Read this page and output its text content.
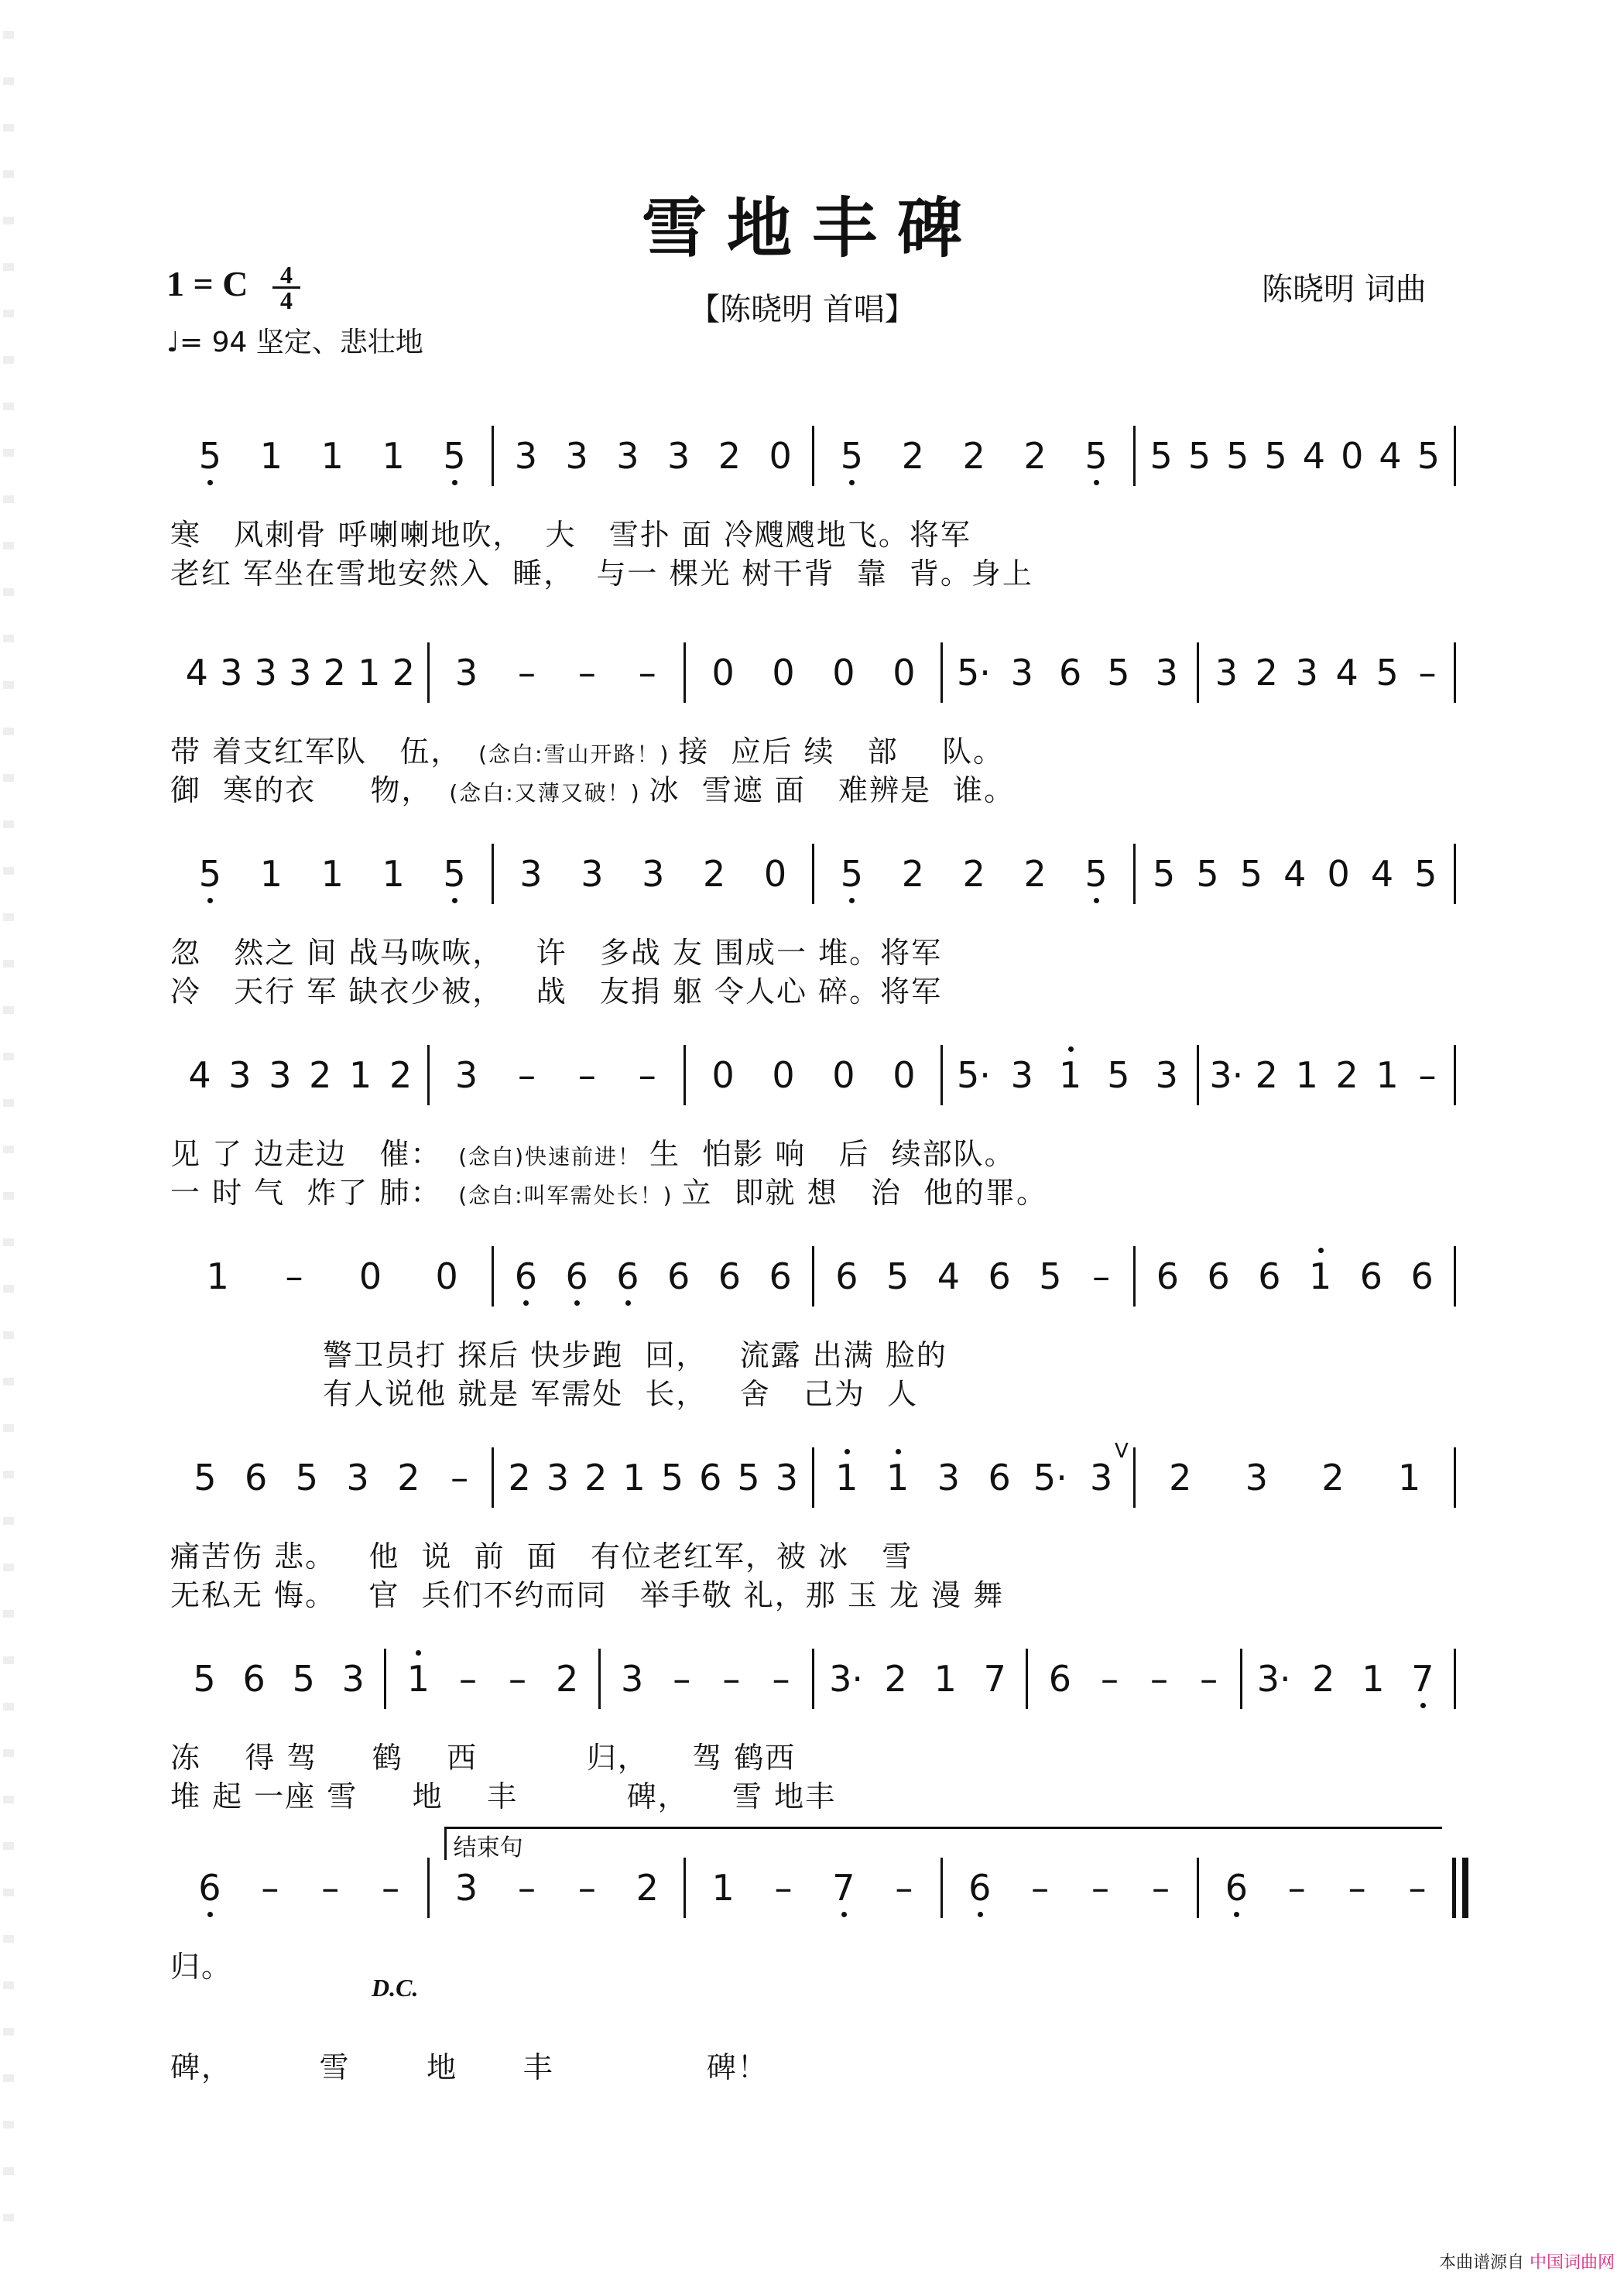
雪地丰碑
1 = C	4
4
♩= 94 坚定、悲壮地
【陈晓明 首唱】
陈晓明 词曲
5 1 1 1 5 3 3 3 3 2 0 5 2 2 2 5 5 5 5 5 4 0 4 5
寒   风刺骨 呼喇喇地吹，  大   雪扑 面 冷飕飕地飞。将军
老红 军坐在雪地安然入  睡，  与一 棵光 树干背  靠  背。身上
4 3 3 3 2 1 2 3 – – – 0 0 0 0 5· 3 6 5 3 3 2 3 4 5 –
带 着支红军队   伍，  (念白:雪山开路！) 接  应后 续   部    队。
御  寒的衣     物，  (念白:又薄又破！) 冰  雪遮 面   难辨是  谁。
5 1 1 1 5 3 3 3 2 0 5 2 2 2 5 5 5 5 4 0 4 5
忽   然之 间 战马咴咴，   许   多战 友 围成一 堆。将军
冷   天行 军 缺衣少被，   战   友捐 躯 令人心 碎。将军
4 3 3 2 1 2 3 – – – 0 0 0 0 5· 3 1 5 3 3· 2 1 2 1 –
见 了 边走边   催：  (念白)快速前进！ 生  怕影 响   后  续部队。
一 时 气  炸了 肺：  (念白:叫军需处长！) 立  即就 想   治  他的罪。
1 – 0 0 6 6 6 6 6 6 6 5 4 6 5 – 6 6 6 1 6 6
警卫员打 探后 快步跑  回，   流露 出满 脸的
有人说他 就是 军需处  长，   舍   己为  人
5 6 5 3 2 – 2 3 2 1 5 6 5 3 1 1 3 6 5· 3 2 3 2 1
痛苦伤 悲。   他  说  前  面   有位老红军，被 冰   雪
无私无 悔。   官  兵们不约而同   举手敬 礼，那 玉 龙 漫 舞
V
5 6 5 3 1 – – 2 3 – – – 3· 2 1 7 6 – – – 3· 2 1 7
冻    得 驾     鹤    西          归，    驾 鹤西
堆 起 一座 雪     地    丰          碑，    雪 地丰
6 – – – 3 – – 2 1 – 7 – 6 – – – 6 – – –
归。
碑，        雪       地      丰              碑！
结束句
D.C.
本曲谱源自 中国词曲网
